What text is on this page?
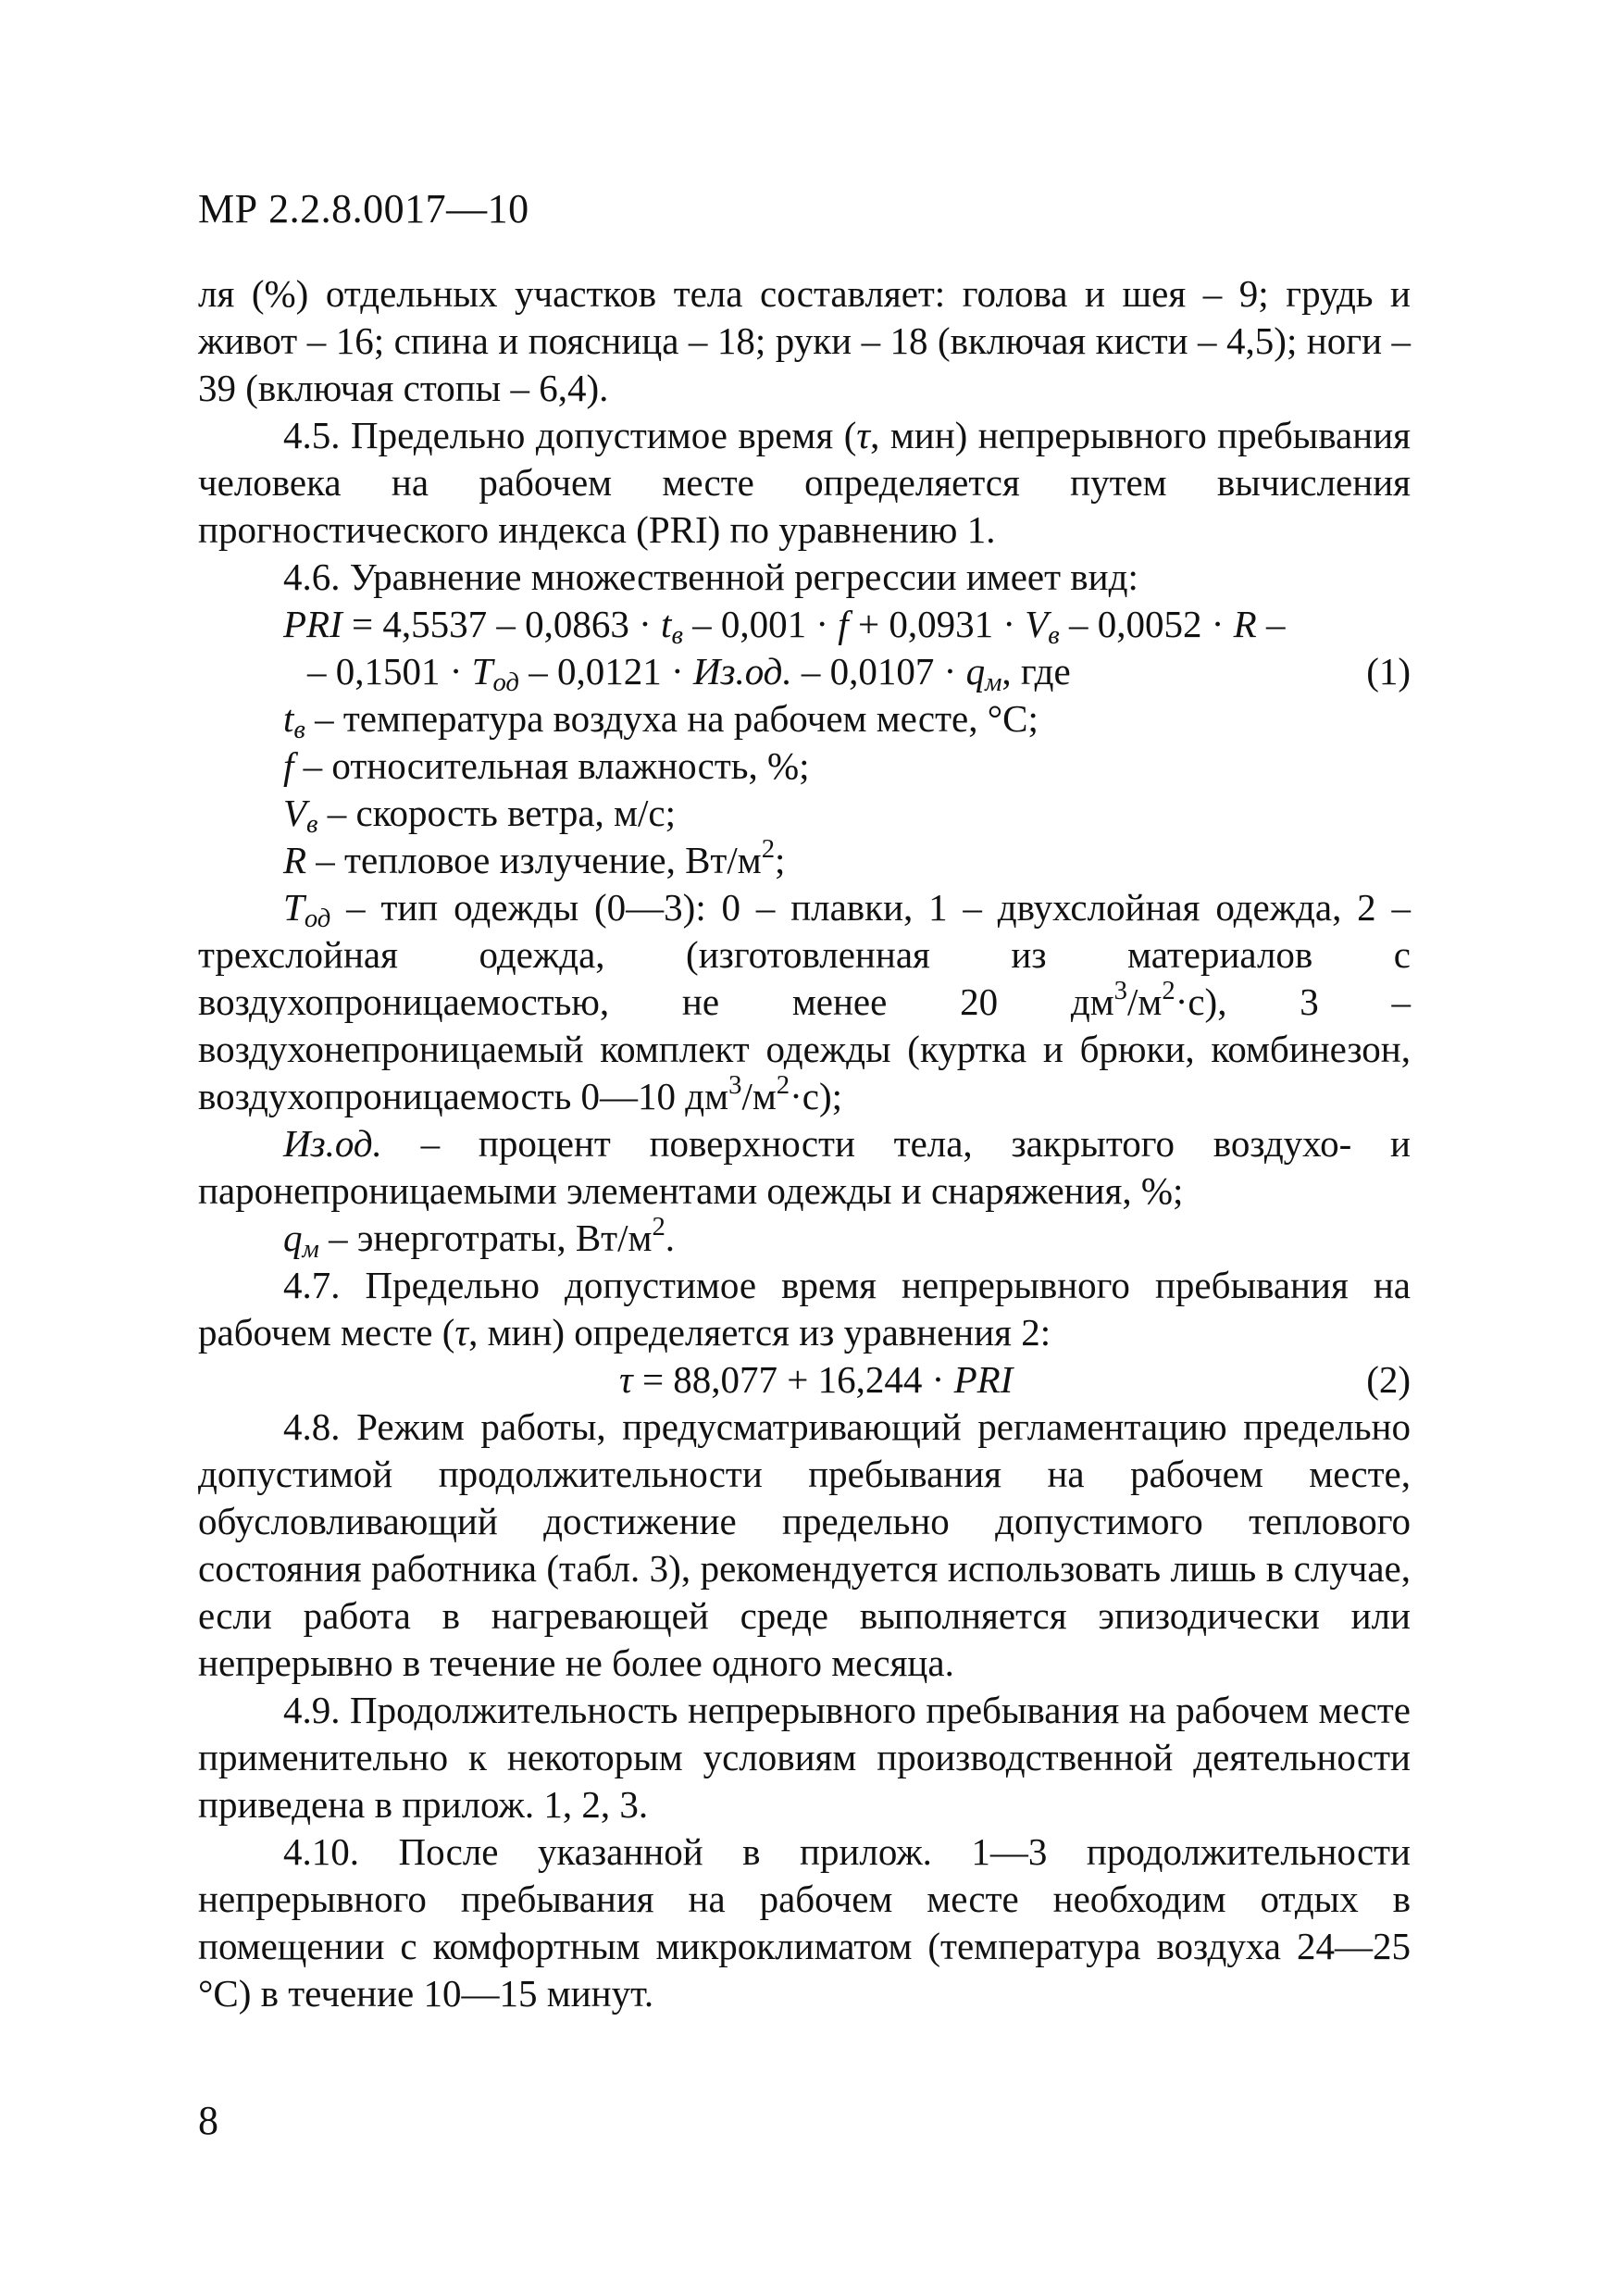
МР 2.2.8.0017—10

ля (%) отдельных участков тела составляет: голова и шея – 9; грудь и живот – 16; спина и поясница – 18; руки – 18 (включая кисти – 4,5); ноги – 39 (включая стопы – 6,4).

4.5. Предельно допустимое время (τ, мин) непрерывного пребывания человека на рабочем месте определяется путем вычисления прогностического индекса (PRI) по уравнению 1.

4.6. Уравнение множественной регрессии имеет вид:

PRI = $4,5537 - 0,0863 \cdot t_в - 0,001 \cdot f + 0,0931 \cdot V_в - 0,0052 \cdot R$ –
– $0,1501 \cdot T_{од} - 0,0121 \cdot Из.од$. – $0,0107 \cdot q_м$, где	(1)

$t_в$ – температура воздуха на рабочем месте, °С;

f – относительная влажность, %;

$V_в$ – скорость ветра, м/с;

R – тепловое излучение, $Вт/м^2$;

$T_{од}$ – тип одежды (0—3): 0 – плавки, 1 – двухслойная одежда, 2 – трехслойная одежда, (изготовленная из материалов с воздухопроницаемостью, не менее 20 $дм^3/м^2\cdot с$), 3 – воздухонепроницаемый комплект одежды (куртка и брюки, комбинезон, воздухопроницаемость 0—10 $дм^3/м^2\cdot с$);

Из.од. – процент поверхности тела, закрытого воздухо- и паронепроницаемыми элементами одежды и снаряжения, %;

$q_м$ – энерготраты, $Вт/м^2$.

4.7. Предельно допустимое время непрерывного пребывания на рабочем месте (τ, мин) определяется из уравнения 2:

τ = 88,077 + 16,244 · PRI	(2)

4.8. Режим работы, предусматривающий регламентацию предельно допустимой продолжительности пребывания на рабочем месте, обусловливающий достижение предельно допустимого теплового состояния работника (табл. 3), рекомендуется использовать лишь в случае, если работа в нагревающей среде выполняется эпизодически или непрерывно в течение не более одного месяца.

4.9. Продолжительность непрерывного пребывания на рабочем месте применительно к некоторым условиям производственной деятельности приведена в прилож. 1, 2, 3.

4.10. После указанной в прилож. 1—3 продолжительности непрерывного пребывания на рабочем месте необходим отдых в помещении с комфортным микроклиматом (температура воздуха 24—25 °С) в течение 10—15 минут.

8
